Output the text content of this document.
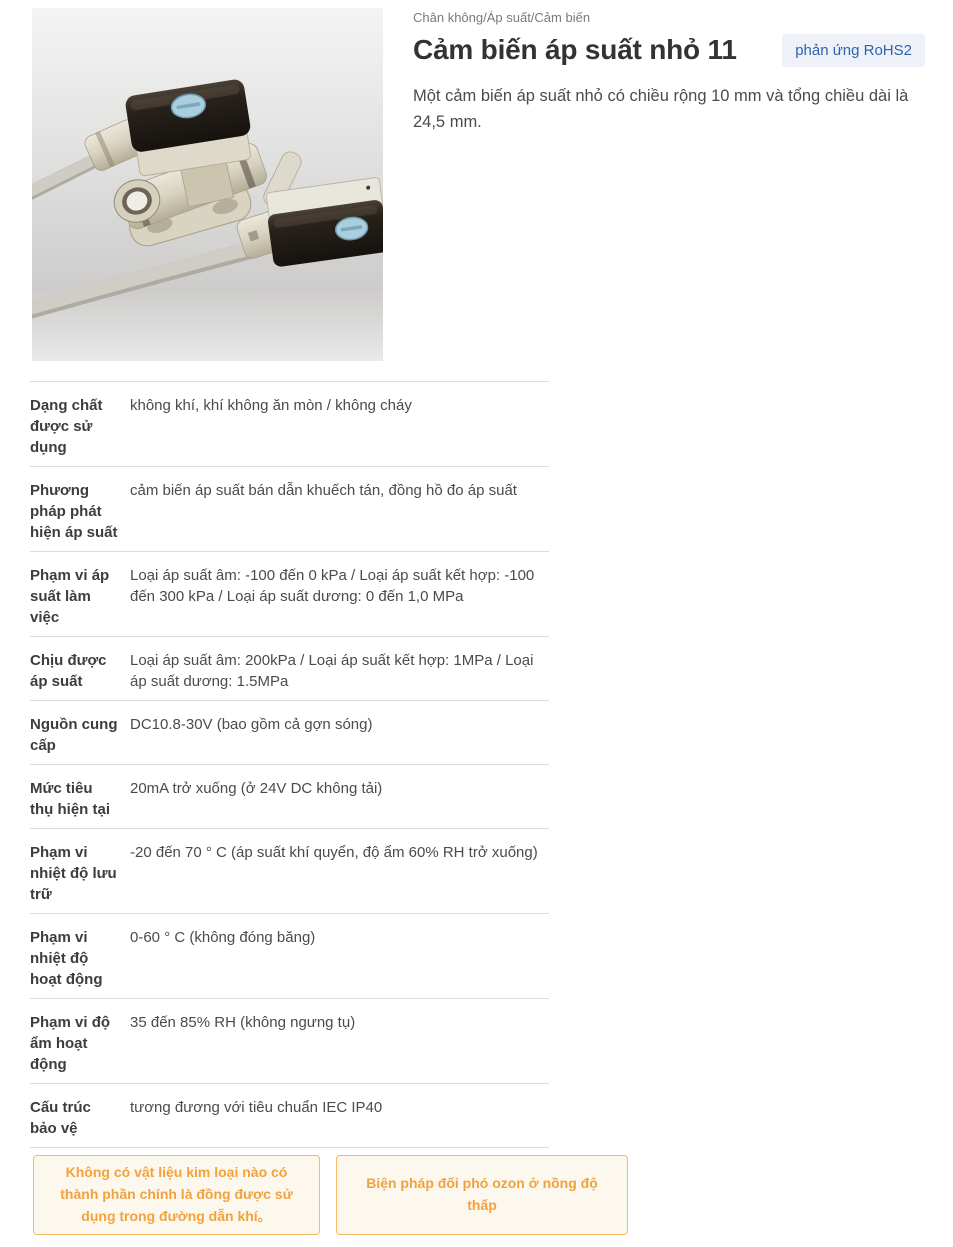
Chân không/Áp suất/Cảm biến
Cảm biến áp suất nhỏ 11	phản ứng RoHS2

Một cảm biến áp suất nhỏ có chiều rộng 10 mm và tổng chiều dài là 24,5 mm.

Dạng chất được sử dụng
không khí, khí không ăn mòn / không cháy
Phương pháp phát hiện áp suất
cảm biến áp suất bán dẫn khuếch tán, đồng hồ đo áp suất
Phạm vi áp suất làm việc
Loại áp suất âm: -100 đến 0 kPa / Loại áp suất kết hợp: -100 đến 300 kPa / Loại áp suất dương: 0 đến 1,0 MPa
Chịu được áp suất
Loại áp suất âm: 200kPa / Loại áp suất kết hợp: 1MPa / Loại áp suất dương: 1.5MPa
Nguồn cung cấp
DC10.8-30V (bao gồm cả gợn sóng)
Mức tiêu thụ hiện tại
20mA trở xuống (ở 24V DC không tải)
Phạm vi nhiệt độ lưu trữ
-20 đến 70 ° C (áp suất khí quyển, độ ẩm 60% RH trở xuống)
Phạm vi nhiệt độ hoạt động
0-60 ° C (không đóng băng)
Phạm vi độ ẩm hoạt động
35 đến 85% RH (không ngưng tụ)
Cấu trúc bảo vệ
tương đương với tiêu chuẩn IEC IP40
Không có vật liệu kim loại nào có thành phần chính là đồng được sử dụng trong đường dẫn khí。
Biện pháp đối phó ozon ở nồng độ thấp
